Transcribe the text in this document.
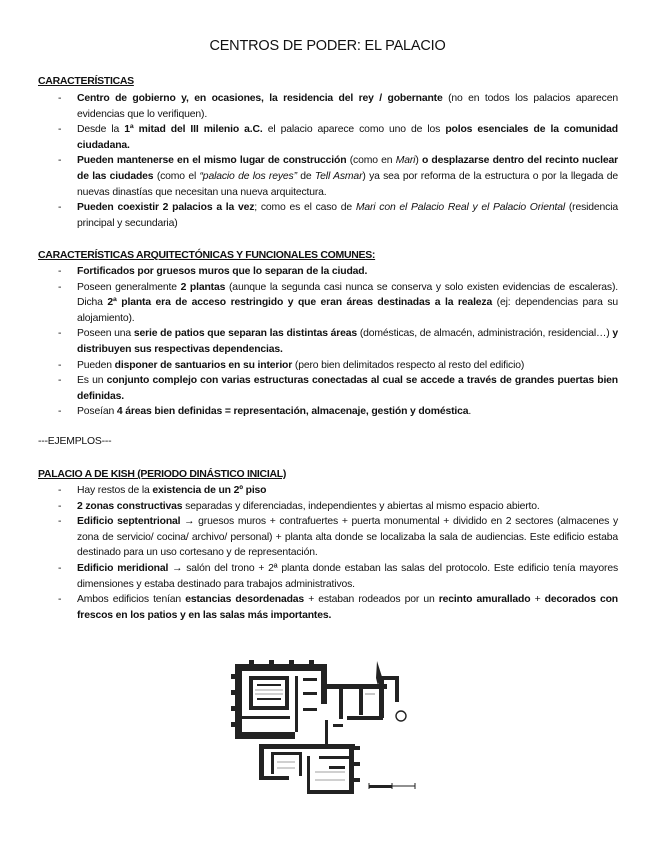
CENTROS DE PODER: EL PALACIO
CARACTERÍSTICAS
- Centro de gobierno y, en ocasiones, la residencia del rey / gobernante (no en todos los palacios aparecen evidencias que lo verifiquen).
- Desde la 1ª mitad del III milenio a.C. el palacio aparece como uno de los polos esenciales de la comunidad ciudadana.
- Pueden mantenerse en el mismo lugar de construcción (como en Mari) o desplazarse dentro del recinto nuclear de las ciudades (como el “palacio de los reyes” de Tell Asmar) ya sea por reforma de la estructura o por la llegada de nuevas dinastías que necesitan una nueva arquitectura.
- Pueden coexistir 2 palacios a la vez; como es el caso de Mari con el Palacio Real y el Palacio Oriental (residencia principal y secundaria)
CARACTERÍSTICAS ARQUITECTÓNICAS Y FUNCIONALES COMUNES:
- Fortificados por gruesos muros que lo separan de la ciudad.
- Poseen generalmente 2 plantas (aunque la segunda casi nunca se conserva y solo existen evidencias de escaleras). Dicha 2ª planta era de acceso restringido y que eran áreas destinadas a la realeza (ej: dependencias para su alojamiento).
- Poseen una serie de patios que separan las distintas áreas (domésticas, de almacén, administración, residencial…) y distribuyen sus respectivas dependencias.
- Pueden disponer de santuarios en su interior (pero bien delimitados respecto al resto del edificio)
- Es un conjunto complejo con varias estructuras conectadas al cual se accede a través de grandes puertas bien definidas.
- Poseían 4 áreas bien definidas = representación, almacenaje, gestión y doméstica.
---EJEMPLOS---
PALACIO A DE KISH (PERIODO DINÁSTICO INICIAL)
- Hay restos de la existencia de un 2º piso
- 2 zonas constructivas separadas y diferenciadas, independientes y abiertas al mismo espacio abierto.
- Edificio septentrional → gruesos muros + contrafuertes + puerta monumental + dividido en 2 sectores (almacenes y zona de servicio/ cocina/ archivo/ personal) + planta alta donde se localizaba la sala de audiencias. Este edificio estaba destinado para un uso cortesano y de representación.
- Edificio meridional → salón del trono + 2ª planta donde estaban las salas del protocolo. Este edificio tenía mayores dimensiones y estaba destinado para trabajos administrativos.
- Ambos edificios tenían estancias desordenadas + estaban rodeados por un recinto amurallado + decorados con frescos en los patios y en las salas más importantes.
